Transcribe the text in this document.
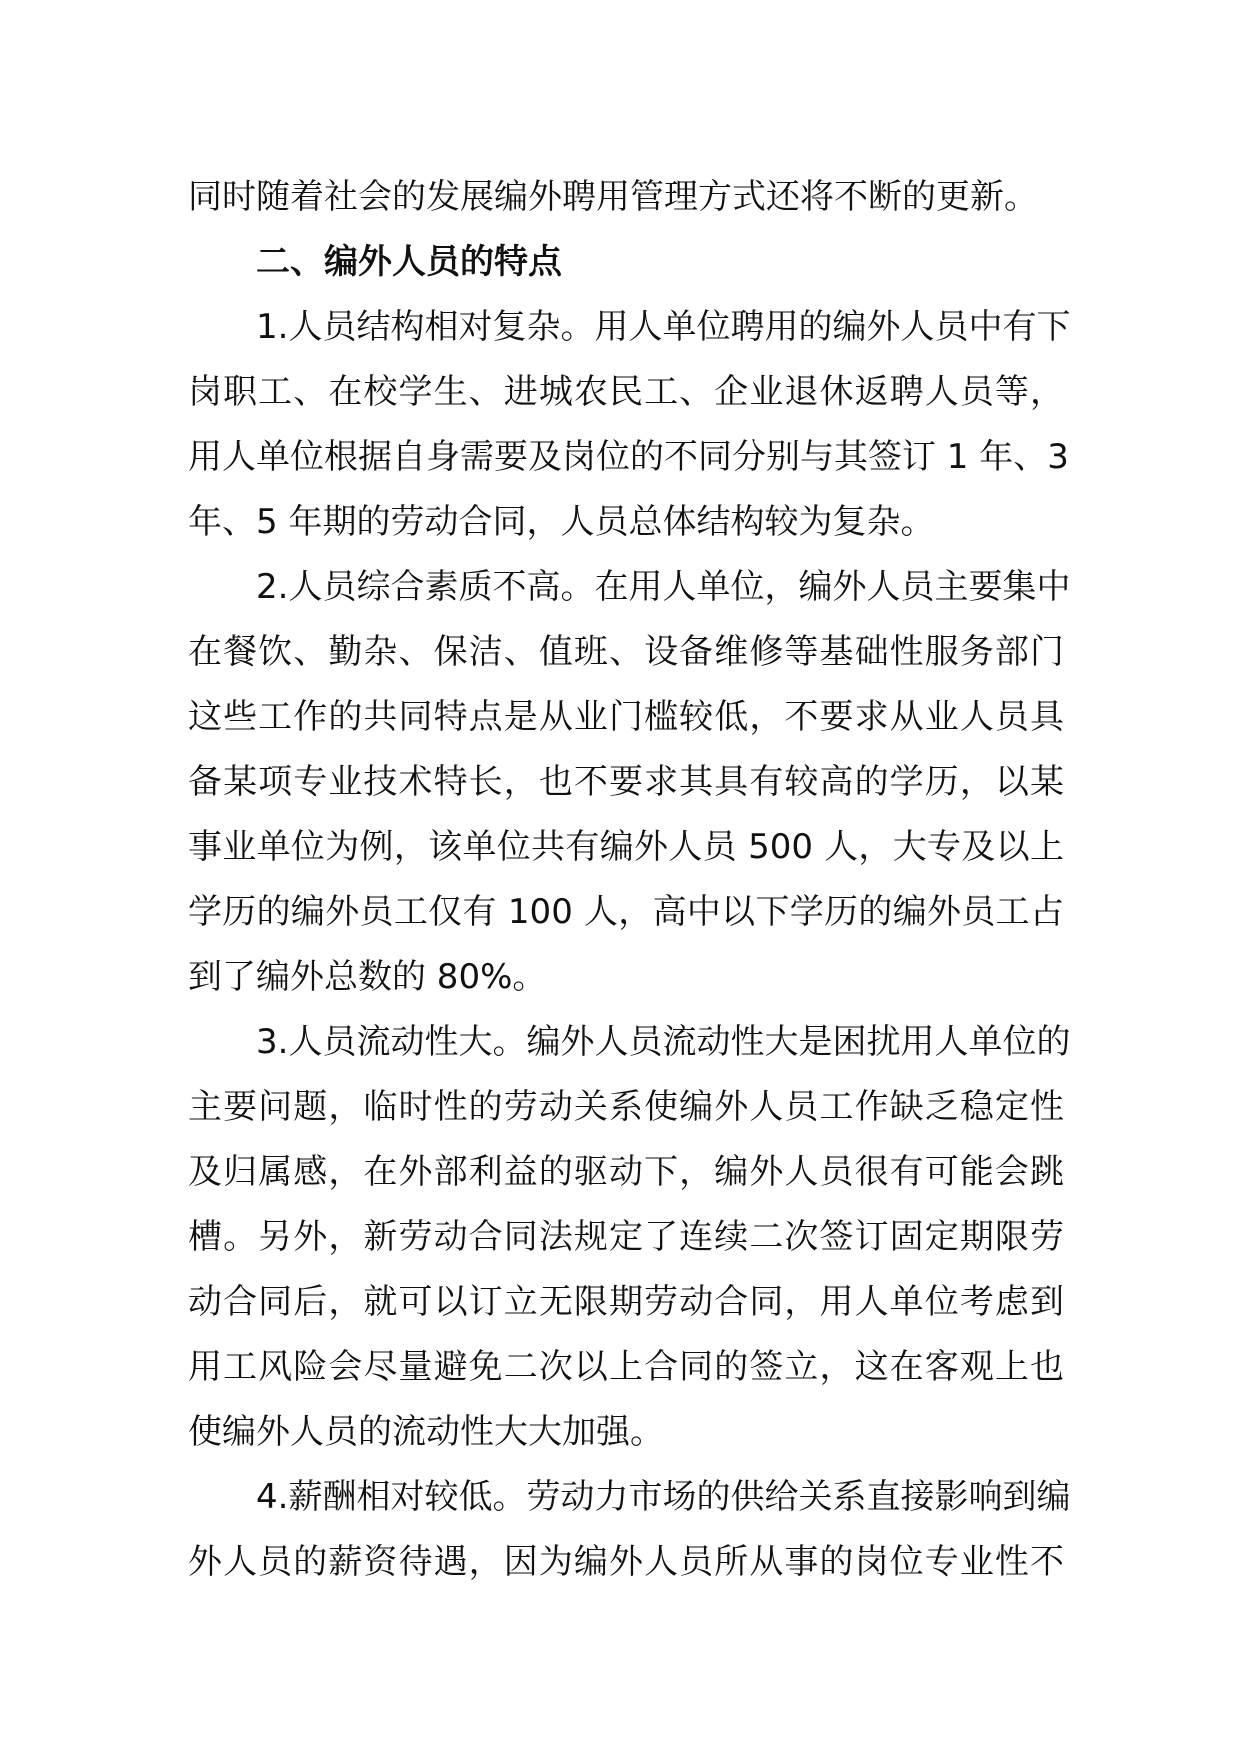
同时随着社会的发展编外聘用管理方式还将不断的更新。
二、编外人员的特点
1.人员结构相对复杂。用人单位聘用的编外人员中有下
岗职工、在校学生、进城农民工、企业退休返聘人员等，
用人单位根据自身需要及岗位的不同分别与其签订 1 年、3
年、5 年期的劳动合同，人员总体结构较为复杂。
2.人员综合素质不高。在用人单位，编外人员主要集中
在餐饮、勤杂、保洁、值班、设备维修等基础性服务部门
这些工作的共同特点是从业门槛较低，不要求从业人员具
备某项专业技术特长，也不要求其具有较高的学历，以某
事业单位为例，该单位共有编外人员 500 人，大专及以上
学历的编外员工仅有 100 人，高中以下学历的编外员工占
到了编外总数的 80%。
3.人员流动性大。编外人员流动性大是困扰用人单位的
主要问题，临时性的劳动关系使编外人员工作缺乏稳定性
及归属感，在外部利益的驱动下，编外人员很有可能会跳
槽。另外，新劳动合同法规定了连续二次签订固定期限劳
动合同后，就可以订立无限期劳动合同，用人单位考虑到
用工风险会尽量避免二次以上合同的签立，这在客观上也
使编外人员的流动性大大加强。
4.薪酬相对较低。劳动力市场的供给关系直接影响到编
外人员的薪资待遇，因为编外人员所从事的岗位专业性不
